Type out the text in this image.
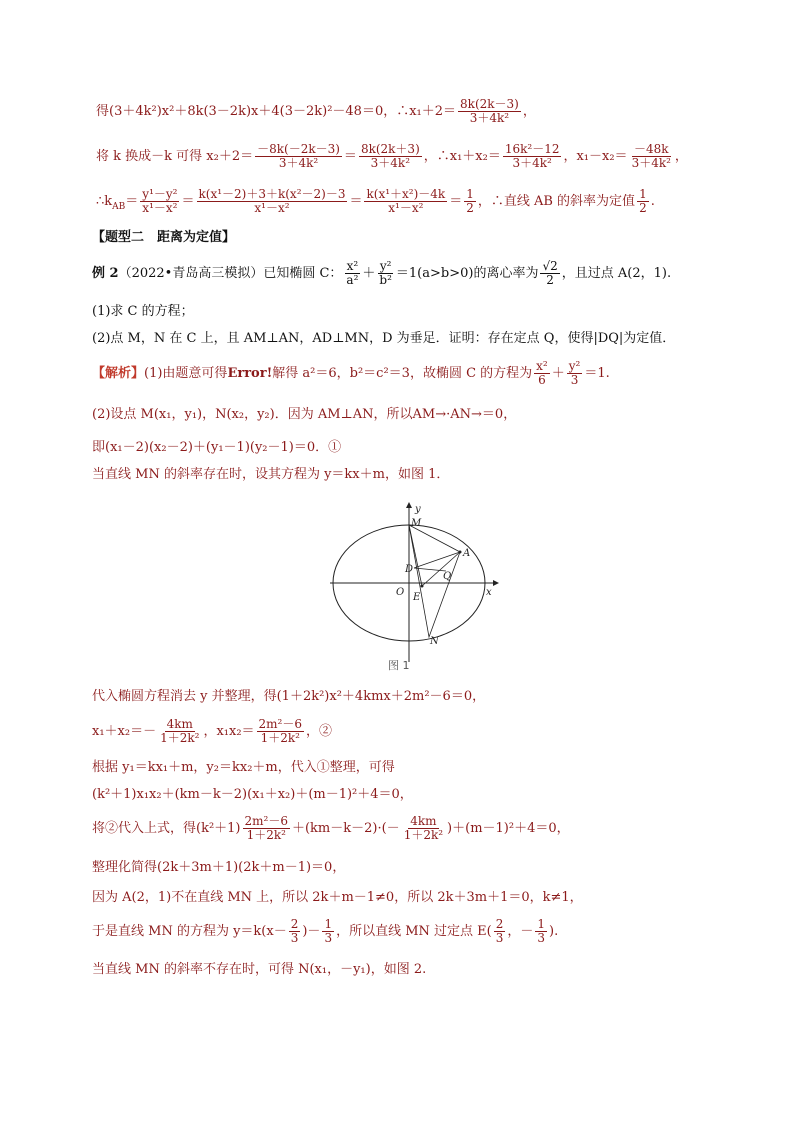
得(3＋4k²)x²＋8k(3－2k)x＋4(3－2k)²－48＝0，∴x₁＋2＝ $\frac{8k(2k-3)}{\text{3＋4k²}}$ ，
将 k 换成－k 可得 $x_2+2= \frac{-8k(-2k-3)}{\text{3＋4k²}} = \frac{8k(2k+3)}{\text{3＋4k²}}$ ，∴x₁＋x₂＝ $\frac{\text{16k²－12}}{\text{3＋4k²}}$ ，$x_1-x_2= \frac{-48k}{\text{3＋4k²}}$ ，
$\therefore k_{AB}= \frac{\text{y¹－y²}}{\text{x¹－x²}} = \frac{\text{k(x¹－2)＋3＋k(x²－2)－3}}{\text{x¹－x²}} = \frac{\text{k(x¹＋x²)－4k}}{\text{x¹－x²}} = \frac{1}{2}$ ，∴直线 AB 的斜率为定值 $\frac{1}{2}$ .
【题型二　距离为定值】
例 2（2022•青岛高三模拟）已知椭圆 C： $\frac{\text{x²}}{\text{a²}} + \frac{\text{y²}}{\text{b²}} =1(a>b>0)$的离心率为 $\frac{√2}{2}$ ，且过点 A(2，1).
(1)求 C 的方程；
(2)点 M，N 在 C 上，且 AM⊥AN，AD⊥MN，D 为垂足．证明：存在定点 Q，使得|DQ|为定值．
【解析】(1)由题意可得Error!解得 a²＝6，b²＝c²＝3，故椭圆 C 的方程为 $\frac{\text{x²}}{6} + \frac{\text{y²}}{3} =1$.
(2)设点 M(x₁，y₁)，N(x₂，y₂)．因为 AM⊥AN，所以AM→·AN→＝0，
即(x₁－2)(x₂－2)＋(y₁－1)(y₂－1)＝0．①
当直线 MN 的斜率存在时，设其方程为 y＝kx＋m，如图 1．
y
x
M
A
D
Q
O E
N
图 1
代入椭圆方程消去 y 并整理，得(1＋2k²)x²＋4kmx＋2m²－6＝0，
$x_1+x_2=- \frac{4km}{\text{1＋2k²}}$ ，$x_1x_2= \frac{\text{2m²－6}}{\text{1＋2k²}}$ ，②
根据 y₁＝kx₁＋m，y₂＝kx₂＋m，代入①整理，可得
(k²＋1)x₁x₂＋(km－k－2)(x₁＋x₂)＋(m－1)²＋4＝0，
将②代入上式，得$(k^2+1) \frac{\text{2m²－6}}{\text{1＋2k²}} +(km-k-2)\cdot(- \frac{4km}{\text{1＋2k²}} )+(m-1)^2+4=0$，
整理化简得(2k＋3m＋1)(2k＋m－1)＝0，
因为 A(2，1)不在直线 MN 上，所以 2k＋m－1≠0，所以 2k＋3m＋1＝0，k≠1，
于是直线 MN 的方程为 $y=k(x- \frac{2}{3}$ )－ $\frac{1}{3}$ ，所以直线 MN 过定点 $E( \frac{2}{3}$ ，－ $\frac{1}{3}$ ).
当直线 MN 的斜率不存在时，可得 N(x₁，－y₁)，如图 2.
